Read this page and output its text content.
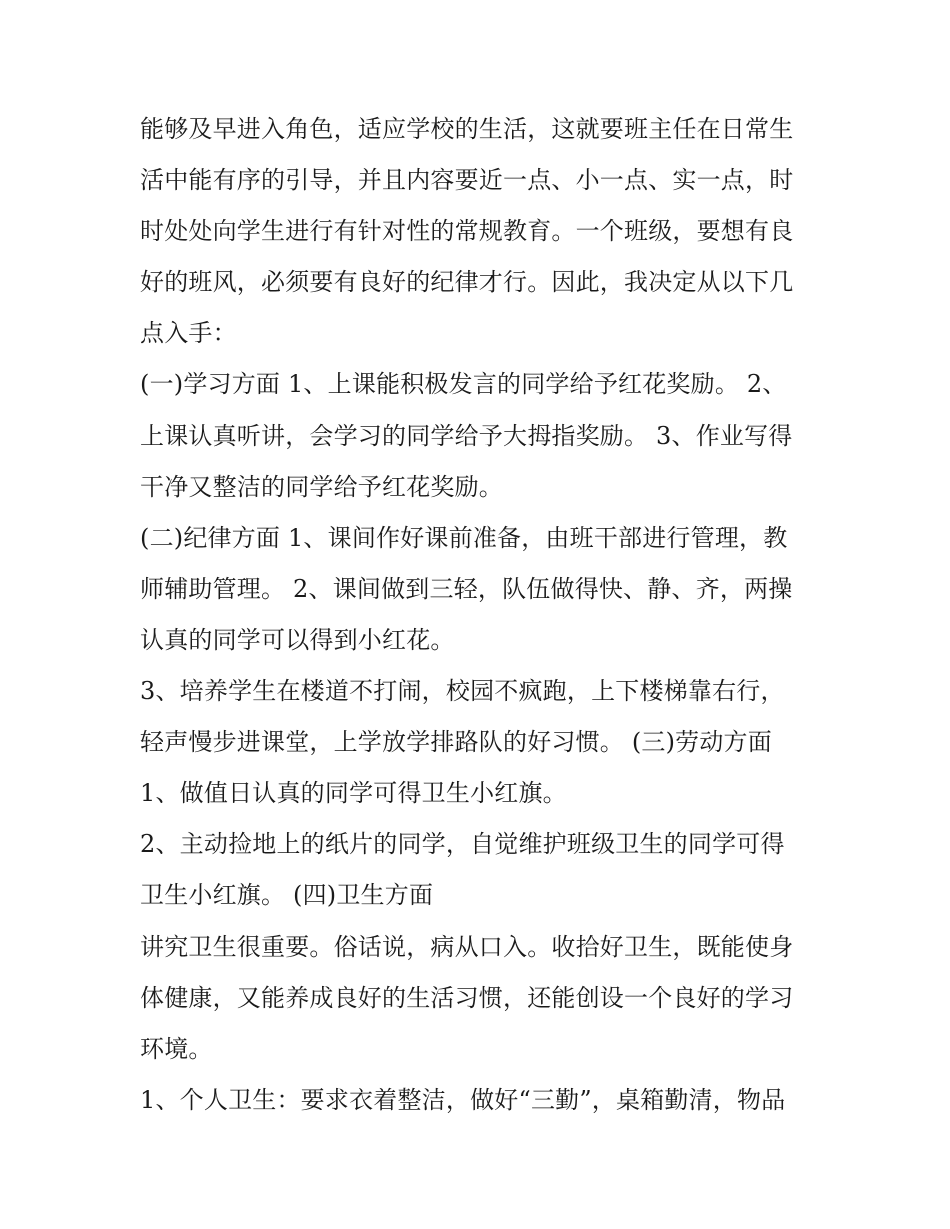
能够及早进入角色，适应学校的生活，这就要班主任在日常生
活中能有序的引导，并且内容要近一点、小一点、实一点，时
时处处向学生进行有针对性的常规教育。一个班级，要想有良
好的班风，必须要有良好的纪律才行。因此，我决定从以下几
点入手：
(一)学习方面 1、上课能积极发言的同学给予红花奖励。 2、
上课认真听讲，会学习的同学给予大拇指奖励。 3、作业写得
干净又整洁的同学给予红花奖励。
(二)纪律方面 1、课间作好课前准备，由班干部进行管理，教
师辅助管理。 2、课间做到三轻，队伍做得快、静、齐，两操
认真的同学可以得到小红花。
3、培养学生在楼道不打闹，校园不疯跑，上下楼梯靠右行，
轻声慢步进课堂，上学放学排路队的好习惯。 (三)劳动方面
1、做值日认真的同学可得卫生小红旗。
2、主动捡地上的纸片的同学，自觉维护班级卫生的同学可得
卫生小红旗。 (四)卫生方面
讲究卫生很重要。俗话说，病从口入。收拾好卫生，既能使身
体健康，又能养成良好的生活习惯，还能创设一个良好的学习
环境。
1、个人卫生：要求衣着整洁，做好“三勤”，桌箱勤清，物品
